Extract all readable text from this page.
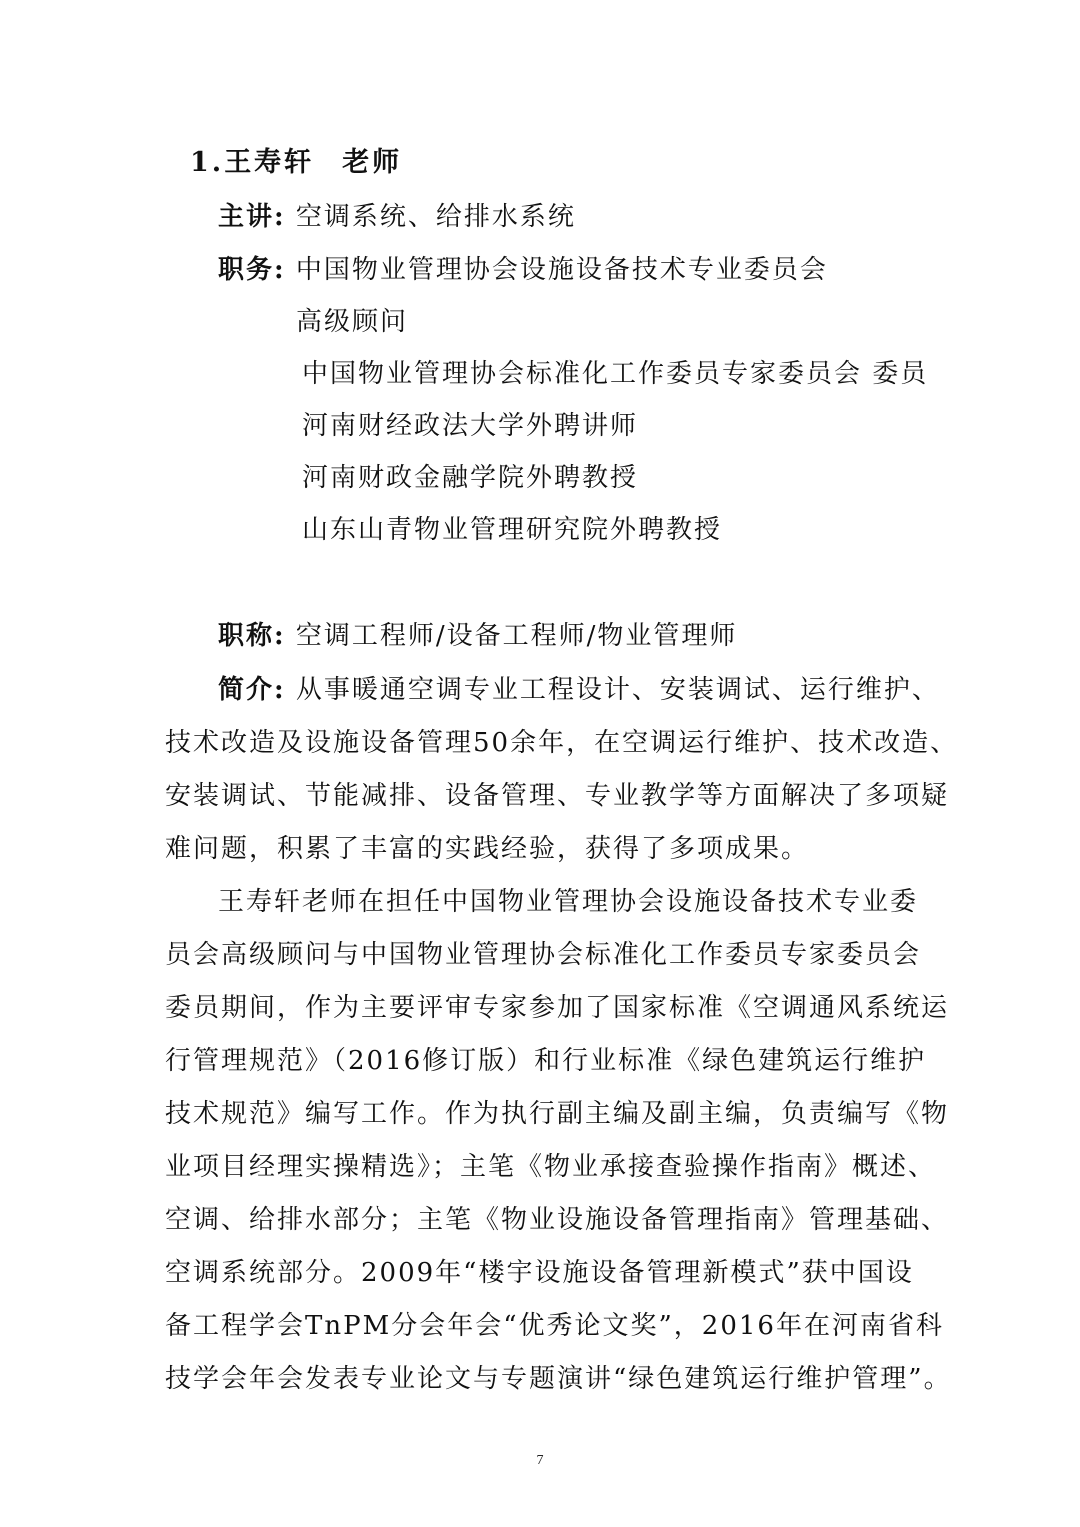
1.王寿轩 老师
主讲: 空调系统、给排水系统
职务: 中国物业管理协会设施设备技术专业委员会
高级顾问
中国物业管理协会标准化工作委员专家委员会 委员
河南财经政法大学外聘讲师
河南财政金融学院外聘教授
山东山青物业管理研究院外聘教授
职称: 空调工程师/设备工程师/物业管理师
简介: 从事暖通空调专业工程设计、安装调试、运行维护、
技术改造及设施设备管理50余年，在空调运行维护、技术改造、
安装调试、节能减排、设备管理、专业教学等方面解决了多项疑
难问题，积累了丰富的实践经验，获得了多项成果。
王寿轩老师在担任中国物业管理协会设施设备技术专业委
员会高级顾问与中国物业管理协会标准化工作委员专家委员会
委员期间，作为主要评审专家参加了国家标准《空调通风系统运
行管理规范》（2016修订版）和行业标准《绿色建筑运行维护
技术规范》编写工作。作为执行副主编及副主编，负责编写《物
业项目经理实操精选》；主笔《物业承接查验操作指南》概述、
空调、给排水部分；主笔《物业设施设备管理指南》管理基础、
空调系统部分。2009年“楼宇设施设备管理新模式”获中国设
备工程学会TnPM分会年会“优秀论文奖”，2016年在河南省科
技学会年会发表专业论文与专题演讲“绿色建筑运行维护管理”。
7
